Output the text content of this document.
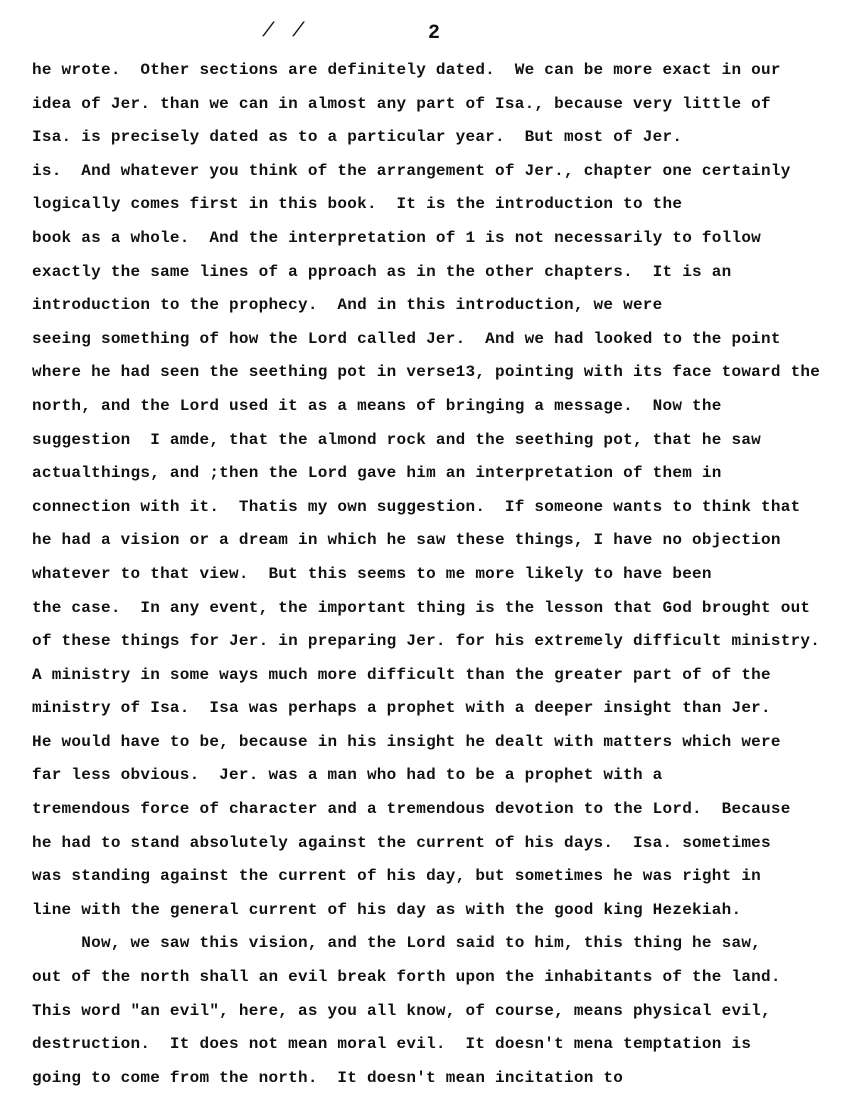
/ /	2
he wrote.  Other sections are definitely dated.  We can be more exact in our
idea of Jer. than we can in almost any part of Isa., because very little of
Isa. is precisely dated as to a particular year.  But most of Jer.
is.  And whatever you think of the arrangement of Jer., chapter one certainly
logically comes first in this book.  It is the introduction to the
book as a whole.  And the interpretation of 1 is not necessarily to follow
exactly the same lines of a pproach as in the other chapters.  It is an
introduction to the prophecy.  And in this introduction, we were
seeing something of how the Lord called Jer.  And we had looked to the point
where he had seen the seething pot in verse13, pointing with its face toward the
north, and the Lord used it as a means of bringing a message.  Now the
suggestion  I amde, that the almond rock and the seething pot, that he saw
actualthings, and ;then the Lord gave him an interpretation of them in
connection with it.  Thatis my own suggestion.  If someone wants to think that
he had a vision or a dream in which he saw these things, I have no objection
whatever to that view.  But this seems to me more likely to have been
the case.  In any event, the important thing is the lesson that God brought out
of these things for Jer. in preparing Jer. for his extremely difficult ministry.
A ministry in some ways much more difficult than the greater part of of the
ministry of Isa.  Isa was perhaps a prophet with a deeper insight than Jer.
He would have to be, because in his insight he dealt with matters which were
far less obvious.  Jer. was a man who had to be a prophet with a
tremendous force of character and a tremendous devotion to the Lord.  Because
he had to stand absolutely against the current of his days.  Isa. sometimes
was standing against the current of his day, but sometimes he was right in
line with the general current of his day as with the good king Hezekiah.
Now, we saw this vision, and the Lord said to him, this thing he saw,
out of the north shall an evil break forth upon the inhabitants of the land.
This word "an evil", here, as you all know, of course, means physical evil,
destruction.  It does not mean moral evil.  It doesn't mena temptation is
going to come from the north.  It doesn't mean incitation to
